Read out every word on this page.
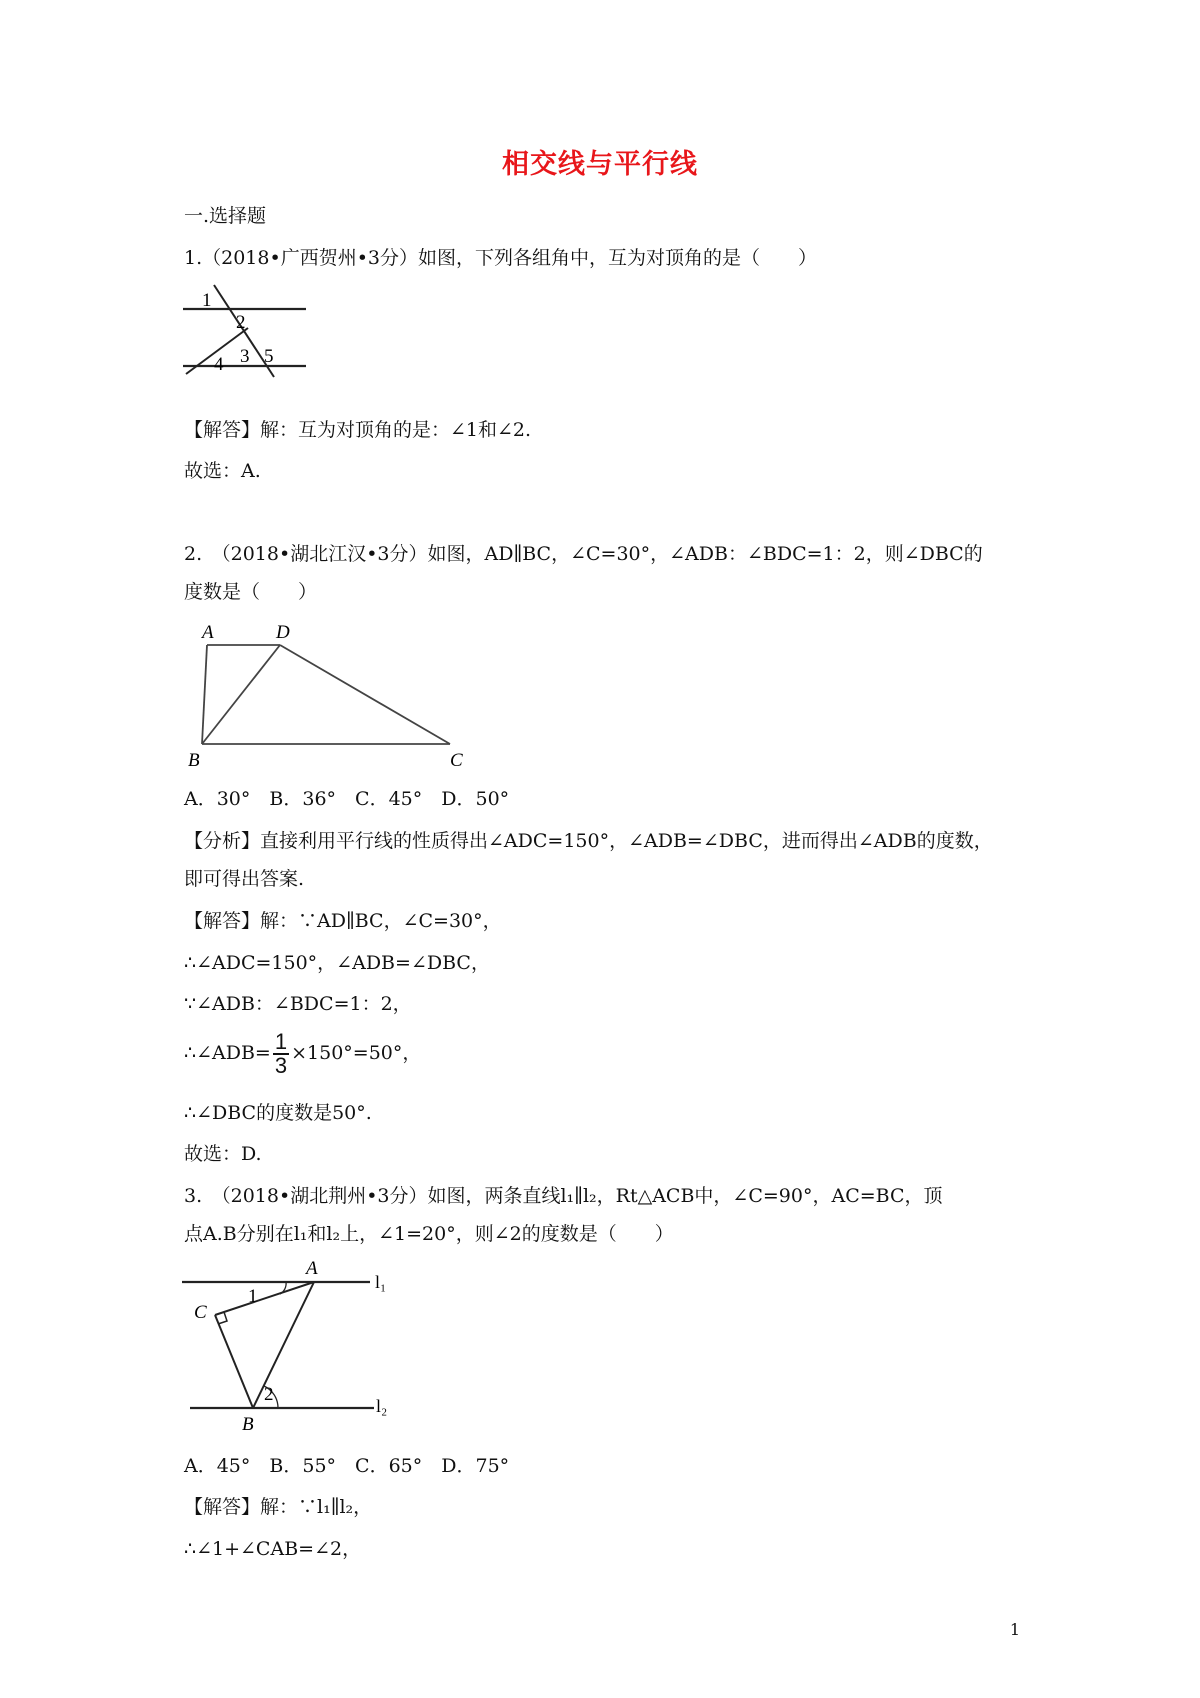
相交线与平行线
一.选择题
1.（2018•广西贺州•3分）如图，下列各组角中，互为对顶角的是（　　）
1
2
3
4 5
【解答】解：互为对顶角的是：∠1和∠2.
故选：A.
2.　（2018•湖北江汉•3分）如图，AD∥BC，∠C=30°，∠ADB：∠BDC=1：2，则∠DBC的
度数是（　　）
A	D
B	C
A．30°　B．36°　C．45°　D．50°
【分析】直接利用平行线的性质得出∠ADC=150°，∠ADB=∠DBC，进而得出∠ADB的度数，
即可得出答案.
【解答】解：∵AD∥BC，∠C=30°，
∴∠ADC=150°，∠ADB=∠DBC，
∵∠ADB：∠BDC=1：2，
∴∠ADB= $\frac{1}{3} \times 150^\circ=50^\circ$，
∴∠DBC的度数是50°.
故选：D.
3.　（2018•湖北荆州•3分）如图，两条直线l₁∥l₂，Rt△ACB中，∠C=90°，AC=BC，顶
点A.B分别在l₁和l₂上，∠1=20°，则∠2的度数是（　　）
A
C
B
1
2
l₁
l₂
A．45°　B．55°　C．65°　D．75°
【解答】解：∵l₁∥l₂，
∴∠1+∠CAB=∠2，
1
